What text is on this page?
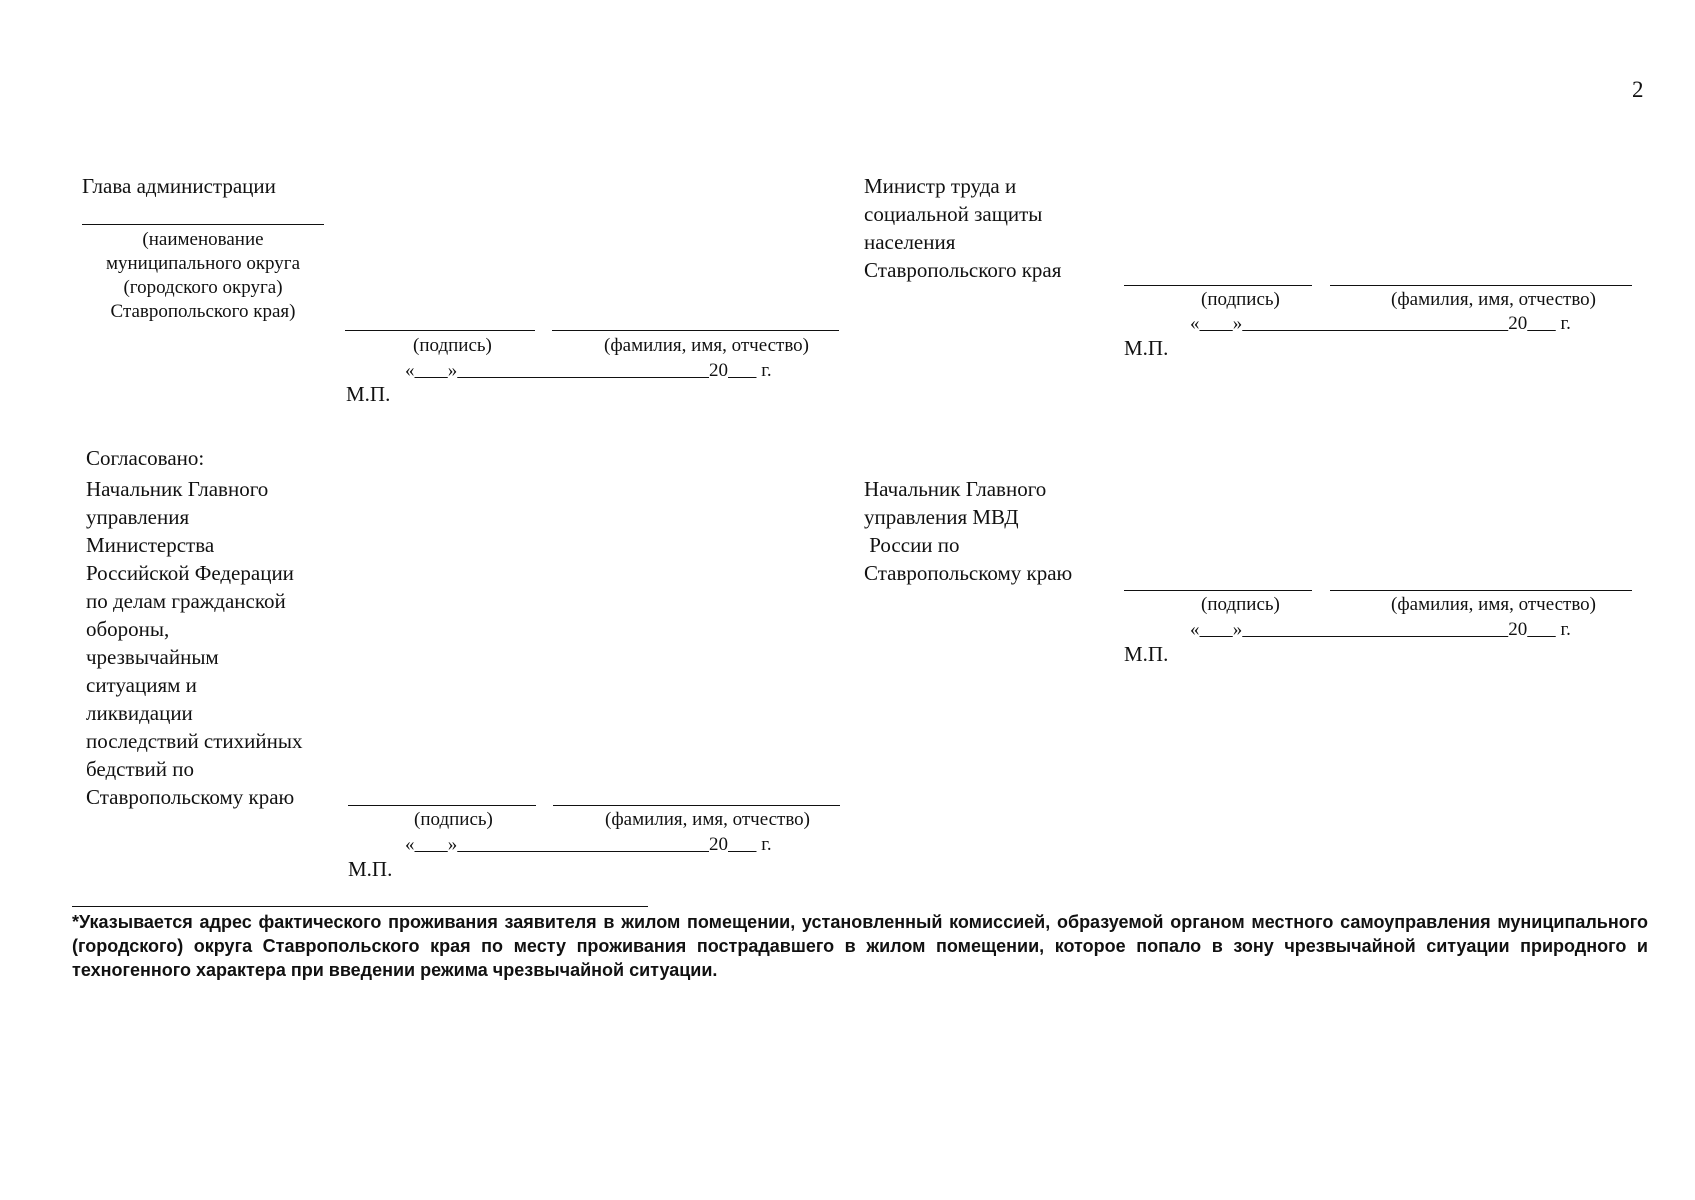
2
Глава администрации
(наименование
муниципального округа
(городского округа)
Ставропольского края)
(подпись)	(фамилия, имя, отчество)
« »	20 г.
М.П.
Министр труда и
социальной защиты
населения
Ставропольского края
(подпись)	(фамилия, имя, отчество)
« »	20 г.
М.П.
Согласовано:
Начальник Главного
управления
Министерства
Российской Федерации
по делам гражданской
обороны,
чрезвычайным
ситуациям и
ликвидации
последствий стихийных
бедствий по
Ставропольскому краю
(подпись)	(фамилия, имя, отчество)
« »	20 г.
М.П.
Начальник Главного
управления МВД
России по
Ставропольскому краю
(подпись)	(фамилия, имя, отчество)
« »	20 г.
М.П.
*Указывается адрес фактического проживания заявителя в жилом помещении, установленный комиссией, образуемой органом местного самоуправления муниципального (городского) округа Ставропольского края по месту проживания пострадавшего в жилом помещении, которое попало в зону чрезвычайной ситуации природного и техногенного характера при введении режима чрезвычайной ситуации.
